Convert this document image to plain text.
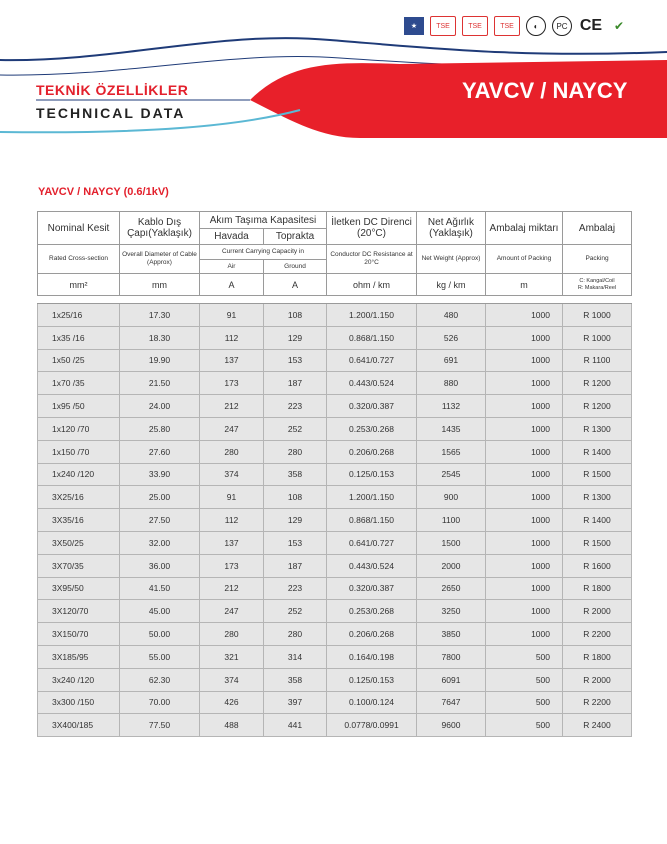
★	TSE	TSE	TSE	◐	PC CE ✔
TEKNİK ÖZELLİKLER
TECHNICAL DATA
YAVCV / NAYCY
YAVCV / NAYCY (0.6/1kV)
Nominal Kesit	Kablo Dış Çapı(Yaklaşık)	Akım Taşıma Kapasitesi		İletken DC Direnci (20°C)	Net Ağırlık (Yaklaşık)	Ambalaj miktarı	Ambalaj
		Havada	Toprakta				
Rated Cross-section	Overall Diameter of Cable (Approx)	Current Carrying Capacity in		Conductor DC Resistance at 20°C	Net Weight (Approx)	Amount of Packing	Packing
		Air	Ground				
mm²	mm	A	A	ohm / km	kg / km	m	C: Kangal/Coil
R: Makara/Reel

1x25/16	17.30	91	108	1.200/1.150	480	1000	R 1000
1x35 /16	18.30	112	129	0.868/1.150	526	1000	R 1000
1x50 /25	19.90	137	153	0.641/0.727	691	1000	R 1100
1x70 /35	21.50	173	187	0.443/0.524	880	1000	R 1200
1x95 /50	24.00	212	223	0.320/0.387	1132	1000	R 1200
1x120 /70	25.80	247	252	0.253/0.268	1435	1000	R 1300
1x150 /70	27.60	280	280	0.206/0.268	1565	1000	R 1400
1x240 /120	33.90	374	358	0.125/0.153	2545	1000	R 1500
3X25/16	25.00	91	108	1.200/1.150	900	1000	R 1300
3X35/16	27.50	112	129	0.868/1.150	1100	1000	R 1400
3X50/25	32.00	137	153	0.641/0.727	1500	1000	R 1500
3X70/35	36.00	173	187	0.443/0.524	2000	1000	R 1600
3X95/50	41.50	212	223	0.320/0.387	2650	1000	R 1800
3X120/70	45.00	247	252	0.253/0.268	3250	1000	R 2000
3X150/70	50.00	280	280	0.206/0.268	3850	1000	R 2200
3X185/95	55.00	321	314	0.164/0.198	7800	500	R 1800
3x240 /120	62.30	374	358	0.125/0.153	6091	500	R 2000
3x300 /150	70.00	426	397	0.100/0.124	7647	500	R 2200
3X400/185	77.50	488	441	0.0778/0.0991	9600	500	R 2400
